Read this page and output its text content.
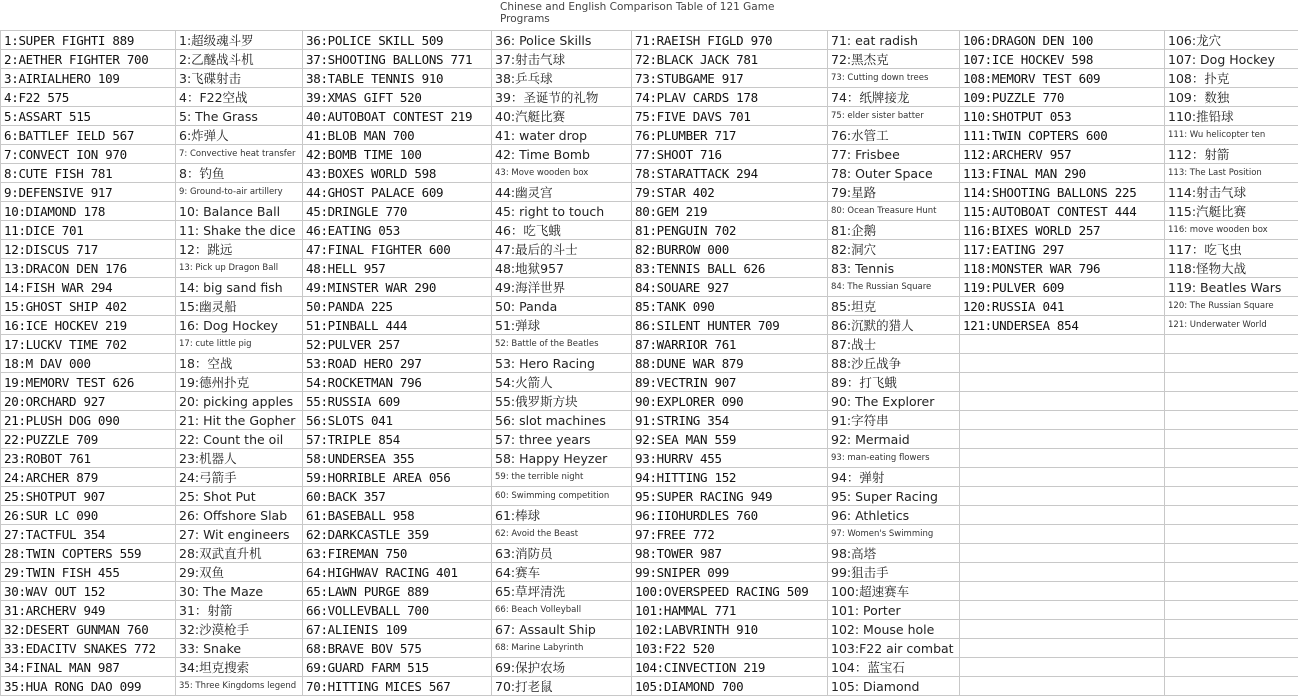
Chinese and English Comparison Table of 121 Game Programs
1:SUPER FIGHTI 889	1:超级魂斗罗	36:POLICE SKILL 509	36: Police Skills	71:RAEISH FIGLD 970	71: eat radish	106:DRAGON DEN 100	106:龙穴
2:AETHER FIGHTER 700	2:乙醚战斗机	37:SHOOTING BALLONS 771	37:射击气球	72:BLACK JACK 781	72:黑杰克	107:ICE HOCKEV 598	107: Dog Hockey
3:AIRIALHERO 109	3:飞碟射击	38:TABLE TENNIS 910	38:乒乓球	73:STUBGAME 917	73: Cutting down trees	108:MEMORV TEST 609	108：扑克
4:F22 575	4：F22空战	39:XMAS GIFT 520	39：圣诞节的礼物	74:PLAV CARDS 178	74：纸牌接龙	109:PUZZLE 770	109：数独
5:ASSART 515	5: The Grass	40:AUTOBOAT CONTEST 219	40:汽艇比赛	75:FIVE DAVS 701	75: elder sister batter	110:SHOTPUT 053	110:推铅球
6:BATTLEF IELD 567	6:炸弹人	41:BLOB MAN 700	41: water drop	76:PLUMBER 717	76:水管工	111:TWIN COPTERS 600	111: Wu helicopter ten
7:CONVECT ION 970	7: Convective heat transfer	42:BOMB TIME 100	42: Time Bomb	77:SHOOT 716	77: Frisbee	112:ARCHERV 957	112：射箭
8:CUTE FISH 781	8：钓鱼	43:BOXES WORLD 598	43: Move wooden box	78:STARATTACK 294	78: Outer Space	113:FINAL MAN 290	113: The Last Position
9:DEFENSIVE 917	9: Ground-to-air artillery	44:GHOST PALACE 609	44:幽灵宫	79:STAR 402	79:星路	114:SHOOTING BALLONS 225	114:射击气球
10:DIAMOND 178	10: Balance Ball	45:DRINGLE 770	45: right to touch	80:GEM 219	80: Ocean Treasure Hunt	115:AUTOBOAT CONTEST 444	115:汽艇比赛
11:DICE 701	11: Shake the dice	46:EATING 053	46：吃飞蛾	81:PENGUIN 702	81:企鹅	116:BIXES WORLD 257	116: move wooden box
12:DISCUS 717	12：跳远	47:FINAL FIGHTER 600	47:最后的斗士	82:BURROW 000	82:洞穴	117:EATING 297	117：吃飞虫
13:DRACON DEN 176	13: Pick up Dragon Ball	48:HELL 957	48:地狱957	83:TENNIS BALL 626	83: Tennis	118:MONSTER WAR 796	118:怪物大战
14:FISH WAR 294	14: big sand fish	49:MINSTER WAR 290	49:海洋世界	84:SOUARE 927	84: The Russian Square	119:PULVER 609	119: Beatles Wars
15:GHOST SHIP 402	15:幽灵船	50:PANDA 225	50: Panda	85:TANK 090	85:坦克	120:RUSSIA 041	120: The Russian Square
16:ICE HOCKEV 219	16: Dog Hockey	51:PINBALL 444	51:弹球	86:SILENT HUNTER 709	86:沉默的猎人	121:UNDERSEA 854	121: Underwater World
17:LUCKV TIME 702	17: cute little pig	52:PULVER 257	52: Battle of the Beatles	87:WARRIOR 761	87:战士		
18:M DAV 000	18：空战	53:ROAD HERO 297	53: Hero Racing	88:DUNE WAR 879	88:沙丘战争		
19:MEMORV TEST 626	19:德州扑克	54:ROCKETMAN 796	54:火箭人	89:VECTRIN 907	89：打飞蛾		
20:ORCHARD 927	20: picking apples	55:RUSSIA 609	55:俄罗斯方块	90:EXPLORER 090	90: The Explorer		
21:PLUSH DOG 090	21: Hit the Gopher	56:SLOTS 041	56: slot machines	91:STRING 354	91:字符串		
22:PUZZLE 709	22: Count the oil	57:TRIPLE 854	57: three years	92:SEA MAN 559	92: Mermaid		
23:ROBOT 761	23:机器人	58:UNDERSEA 355	58: Happy Heyzer	93:HURRV 455	93: man-eating flowers		
24:ARCHER 879	24:弓箭手	59:HORRIBLE AREA 056	59: the terrible night	94:HITTING 152	94：弹射		
25:SHOTPUT 907	25: Shot Put	60:BACK 357	60: Swimming competition	95:SUPER RACING 949	95: Super Racing		
26:SUR LC 090	26: Offshore Slab	61:BASEBALL 958	61:棒球	96:IIOHURDLES 760	96: Athletics		
27:TACTFUL 354	27: Wit engineers	62:DARKCASTLE 359	62: Avoid the Beast	97:FREE 772	97: Women's Swimming		
28:TWIN COPTERS 559	28:双武直升机	63:FIREMAN 750	63:消防员	98:TOWER 987	98:高塔		
29:TWIN FISH 455	29:双鱼	64:HIGHWAV RACING 401	64:赛车	99:SNIPER 099	99:狙击手		
30:WAV OUT 152	30: The Maze	65:LAWN PURGE 889	65:草坪清洗	100:OVERSPEED RACING 509	100:超速赛车		
31:ARCHERV 949	31：射箭	66:VOLLEVBALL 700	66: Beach Volleyball	101:HAMMAL 771	101: Porter		
32:DESERT GUNMAN 760	32:沙漠枪手	67:ALIENIS 109	67: Assault Ship	102:LABVRINTH 910	102: Mouse hole		
33:EDACITV SNAKES 772	33: Snake	68:BRAVE BOV 575	68: Marine Labyrinth	103:F22 520	103:F22 air combat		
34:FINAL MAN 987	34:坦克搜索	69:GUARD FARM 515	69:保护农场	104:CINVECTION 219	104：蓝宝石		
35:HUA RONG DAO 099	35: Three Kingdoms legend	70:HITTING MICES 567	70:打老鼠	105:DIAMOND 700	105: Diamond		
